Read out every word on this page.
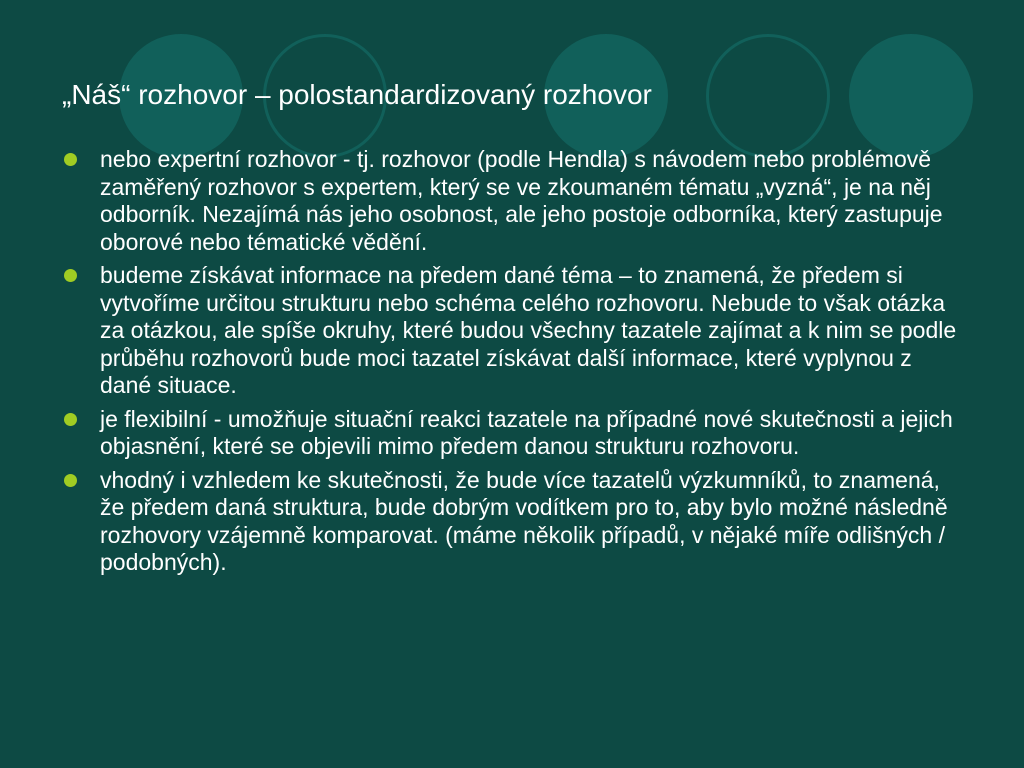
„Náš“ rozhovor – polostandardizovaný rozhovor
nebo expertní rozhovor - tj. rozhovor (podle Hendla) s návodem nebo problémově zaměřený rozhovor s expertem, který se ve zkoumaném tématu „vyzná“, je na něj odborník. Nezajímá nás jeho osobnost, ale jeho postoje odborníka, který zastupuje oborové nebo tématické vědění.
budeme získávat informace na předem dané téma – to znamená, že předem si vytvoříme určitou strukturu nebo schéma celého rozhovoru. Nebude to však otázka za otázkou, ale spíše okruhy, které budou všechny tazatele zajímat a k nim se podle průběhu rozhovorů bude moci tazatel získávat další informace, které vyplynou z dané situace.
je flexibilní - umožňuje situační reakci tazatele na případné nové skutečnosti a jejich objasnění, které se objevili mimo předem danou strukturu rozhovoru.
vhodný i vzhledem ke skutečnosti, že bude více tazatelů výzkumníků, to znamená, že předem daná struktura, bude dobrým vodítkem pro to, aby bylo možné následně rozhovory vzájemně komparovat. (máme několik případů, v nějaké míře odlišných / podobných).
